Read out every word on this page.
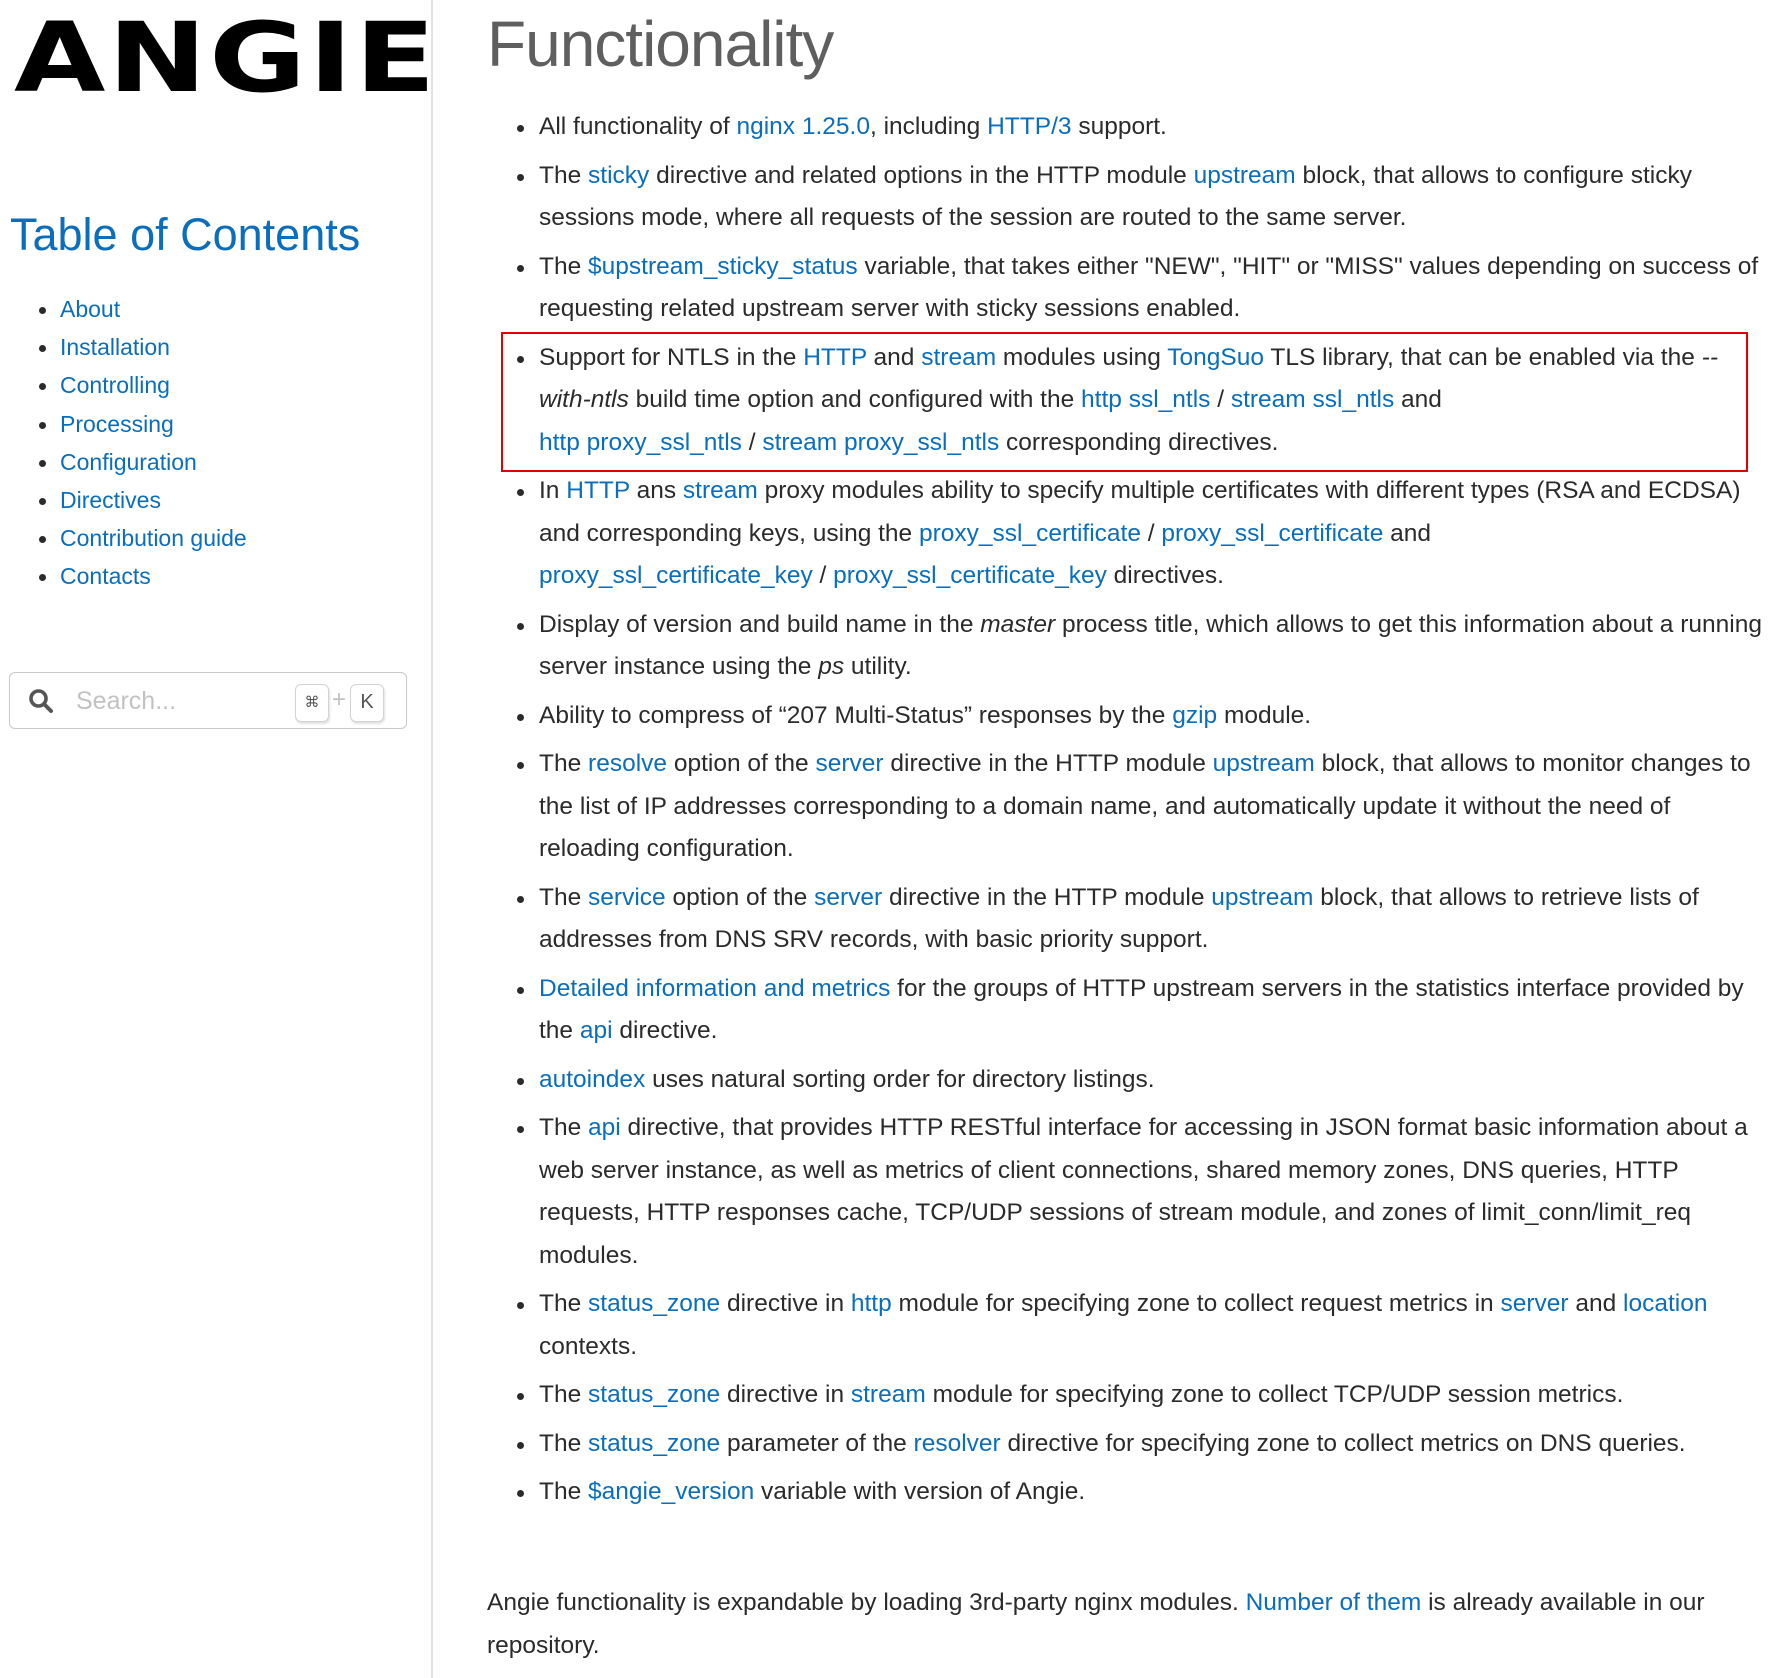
ANGIE
Table of Contents
About
Installation
Controlling
Processing
Configuration
Directives
Contribution guide
Contacts
Search...
⌘ + K
Functionality
All functionality of nginx 1.25.0, including HTTP/3 support.
The sticky directive and related options in the HTTP module upstream block, that allows to configure sticky sessions mode, where all requests of the session are routed to the same server.
The $upstream_sticky_status variable, that takes either "NEW", "HIT" or "MISS" values depending on success of requesting related upstream server with sticky sessions enabled.
Support for NTLS in the HTTP and stream modules using TongSuo TLS library, that can be enabled via the --with-ntls build time option and configured with the http ssl_ntls / stream ssl_ntls and
http proxy_ssl_ntls / stream proxy_ssl_ntls corresponding directives.
In HTTP ans stream proxy modules ability to specify multiple certificates with different types (RSA and ECDSA) and corresponding keys, using the proxy_ssl_certificate / proxy_ssl_certificate and
proxy_ssl_certificate_key / proxy_ssl_certificate_key directives.
Display of version and build name in the master process title, which allows to get this information about a running server instance using the ps utility.
Ability to compress of “207 Multi-Status” responses by the gzip module.
The resolve option of the server directive in the HTTP module upstream block, that allows to monitor changes to the list of IP addresses corresponding to a domain name, and automatically update it without the need of reloading configuration.
The service option of the server directive in the HTTP module upstream block, that allows to retrieve lists of addresses from DNS SRV records, with basic priority support.
Detailed information and metrics for the groups of HTTP upstream servers in the statistics interface provided by the api directive.
autoindex uses natural sorting order for directory listings.
The api directive, that provides HTTP RESTful interface for accessing in JSON format basic information about a web server instance, as well as metrics of client connections, shared memory zones, DNS queries, HTTP requests, HTTP responses cache, TCP/UDP sessions of stream module, and zones of limit_conn/limit_req modules.
The status_zone directive in http module for specifying zone to collect request metrics in server and location contexts.
The status_zone directive in stream module for specifying zone to collect TCP/UDP session metrics.
The status_zone parameter of the resolver directive for specifying zone to collect metrics on DNS queries.
The $angie_version variable with version of Angie.

Angie functionality is expandable by loading 3rd-party nginx modules. Number of them is already available in our repository.
